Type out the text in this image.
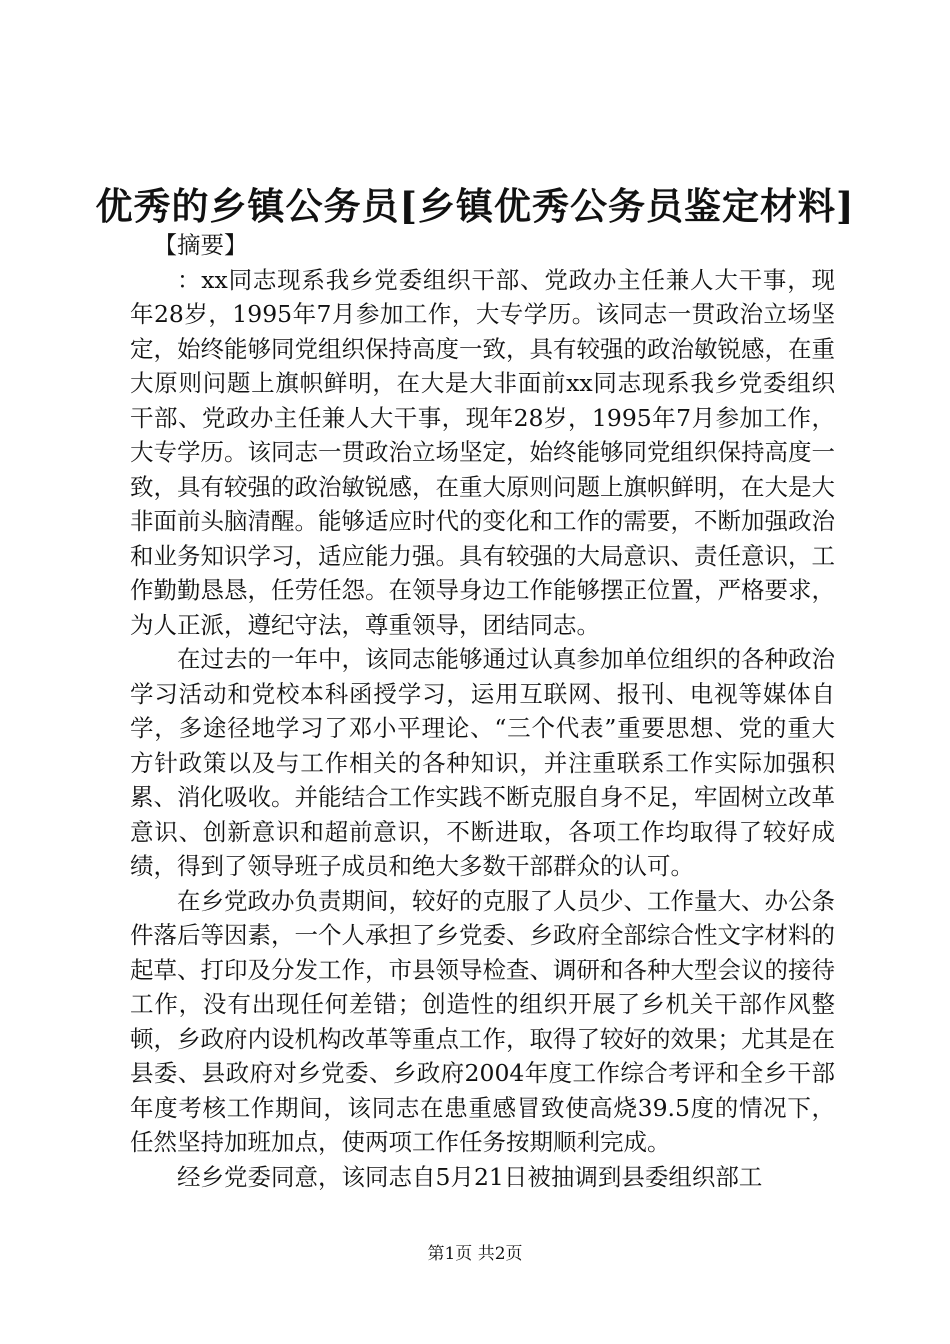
优秀的乡镇公务员[乡镇优秀公务员鉴定材料]
【摘要】

：xx同志现系我乡党委组织干部、党政办主任兼人大干事，现年28岁，1995年7月参加工作，大专学历。该同志一贯政治立场坚定，始终能够同党组织保持高度一致，具有较强的政治敏锐感，在重大原则问题上旗帜鲜明，在大是大非面前xx同志现系我乡党委组织干部、党政办主任兼人大干事，现年28岁，1995年7月参加工作，大专学历。该同志一贯政治立场坚定，始终能够同党组织保持高度一致，具有较强的政治敏锐感，在重大原则问题上旗帜鲜明，在大是大非面前头脑清醒。能够适应时代的变化和工作的需要，不断加强政治和业务知识学习，适应能力强。具有较强的大局意识、责任意识，工作勤勤恳恳，任劳任怨。在领导身边工作能够摆正位置，严格要求，为人正派，遵纪守法，尊重领导，团结同志。

在过去的一年中，该同志能够通过认真参加单位组织的各种政治学习活动和党校本科函授学习，运用互联网、报刊、电视等媒体自学，多途径地学习了邓小平理论、“三个代表”重要思想、党的重大方针政策以及与工作相关的各种知识，并注重联系工作实际加强积累、消化吸收。并能结合工作实践不断克服自身不足，牢固树立改革意识、创新意识和超前意识，不断进取，各项工作均取得了较好成绩，得到了领导班子成员和绝大多数干部群众的认可。

在乡党政办负责期间，较好的克服了人员少、工作量大、办公条件落后等因素，一个人承担了乡党委、乡政府全部综合性文字材料的起草、打印及分发工作，市县领导检查、调研和各种大型会议的接待工作，没有出现任何差错；创造性的组织开展了乡机关干部作风整顿，乡政府内设机构改革等重点工作，取得了较好的效果；尤其是在县委、县政府对乡党委、乡政府2004年度工作综合考评和全乡干部年度考核工作期间，该同志在患重感冒致使高烧39.5度的情况下，任然坚持加班加点，使两项工作任务按期顺利完成。

经乡党委同意，该同志自5月21日被抽调到县委组织部工

第1页 共2页
